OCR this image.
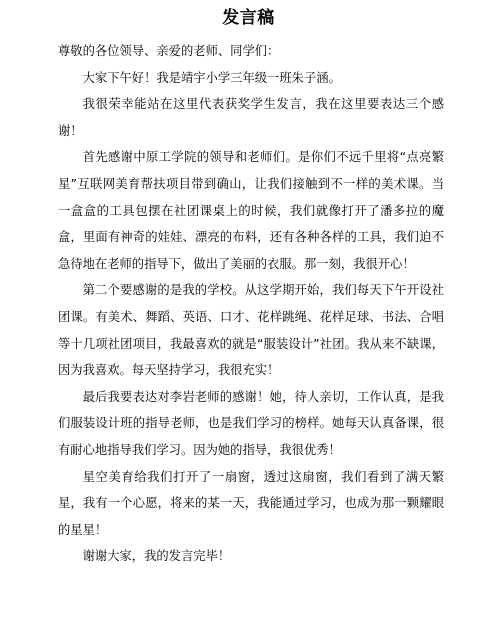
发言稿

尊敬的各位领导、亲爱的老师、同学们：

大家下午好！我是靖宇小学三年级一班朱子涵。

我很荣幸能站在这里代表获奖学生发言，我在这里要表达三个感谢！

首先感谢中原工学院的领导和老师们。是你们不远千里将“点亮繁星”互联网美育帮扶项目带到确山，让我们接触到不一样的美术课。当一盒盒的工具包摆在社团课桌上的时候，我们就像打开了潘多拉的魔盒，里面有神奇的娃娃、漂亮的布料，还有各种各样的工具，我们迫不急待地在老师的指导下，做出了美丽的衣服。那一刻，我很开心！

第二个要感谢的是我的学校。从这学期开始，我们每天下午开设社团课。有美术、舞蹈、英语、口才、花样跳绳、花样足球、书法、合唱等十几项社团项目，我最喜欢的就是“服装设计”社团。我从来不缺课，因为我喜欢。每天坚持学习，我很充实！

最后我要表达对李岩老师的感谢！她，待人亲切，工作认真，是我们服装设计班的指导老师，也是我们学习的榜样。她每天认真备课，很有耐心地指导我们学习。因为她的指导，我很优秀！

星空美育给我们打开了一扇窗，透过这扇窗，我们看到了满天繁星，我有一个心愿，将来的某一天，我能通过学习，也成为那一颗耀眼的星星！

谢谢大家，我的发言完毕！
